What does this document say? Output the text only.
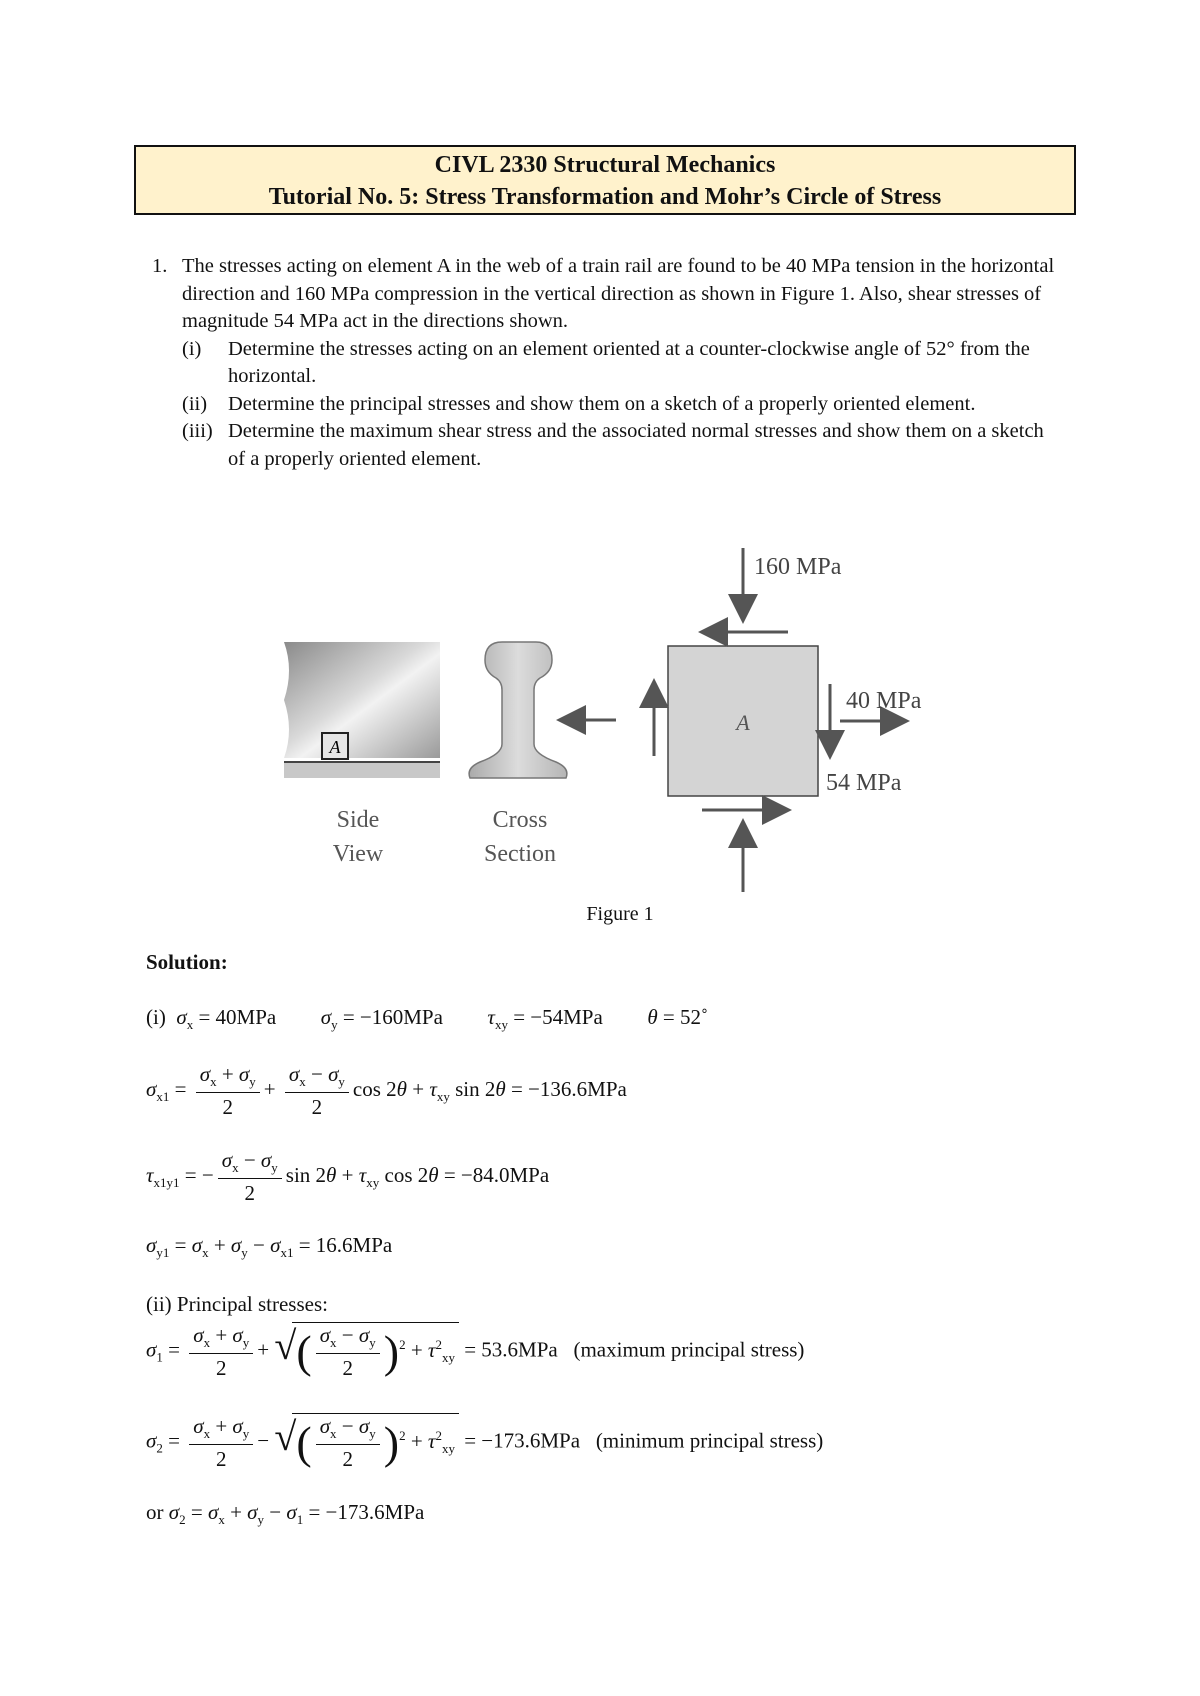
CIVL 2330 Structural Mechanics
Tutorial No. 5: Stress Transformation and Mohr’s Circle of Stress
1. The stresses acting on element A in the web of a train rail are found to be 40 MPa tension in the horizontal direction and 160 MPa compression in the vertical direction as shown in Figure 1. Also, shear stresses of magnitude 54 MPa act in the directions shown.
(i) Determine the stresses acting on an element oriented at a counter-clockwise angle of 52° from the horizontal.
(ii) Determine the principal stresses and show them on a sketch of a properly oriented element.
(iii) Determine the maximum shear stress and the associated normal stresses and show them on a sketch of a properly oriented element.
A
Side
View
Cross
Section
A
160 MPa
40 MPa
54 MPa
Figure 1
Solution:
(i)  $\sigma_x = 40MPa$ $\sigma_y = -160MPa$ $\tau_{xy} = -54MPa$ θ = 52˚
$\sigma_{x1} = \frac{\sigma_x + \sigma_y}{2} + \frac{\sigma_x - \sigma_y}{2}$ $\cos 2\theta + \tau_{xy}$ sin 2θ = −136.6MPa
$\tau_{x1y1}$ = − $\frac{\sigma_x - \sigma_y}{2}$ $\sin 2\theta + \tau_{xy}$ cos 2θ = −84.0MPa
$\sigma_{y1} = \sigma_x + \sigma_y - \sigma_{x1} = 16.6MPa$
(ii) Principal stresses:
$\sigma_1 = \frac{\sigma_x + \sigma_y}{2}$ + √ ( $\frac{\sigma_x - \sigma_y}{2} )^2 + \tau^2_{xy} = 53.6MPa$ (maximum principal stress)
$\sigma_2 = \frac{\sigma_x + \sigma_y}{2}$ − √ ( $\frac{\sigma_x - \sigma_y}{2} )^2 + \tau^2_{xy} = -173.6MPa$ (minimum principal stress)
or $\sigma_2 = \sigma_x + \sigma_y - \sigma_1 = -173.6MPa$
